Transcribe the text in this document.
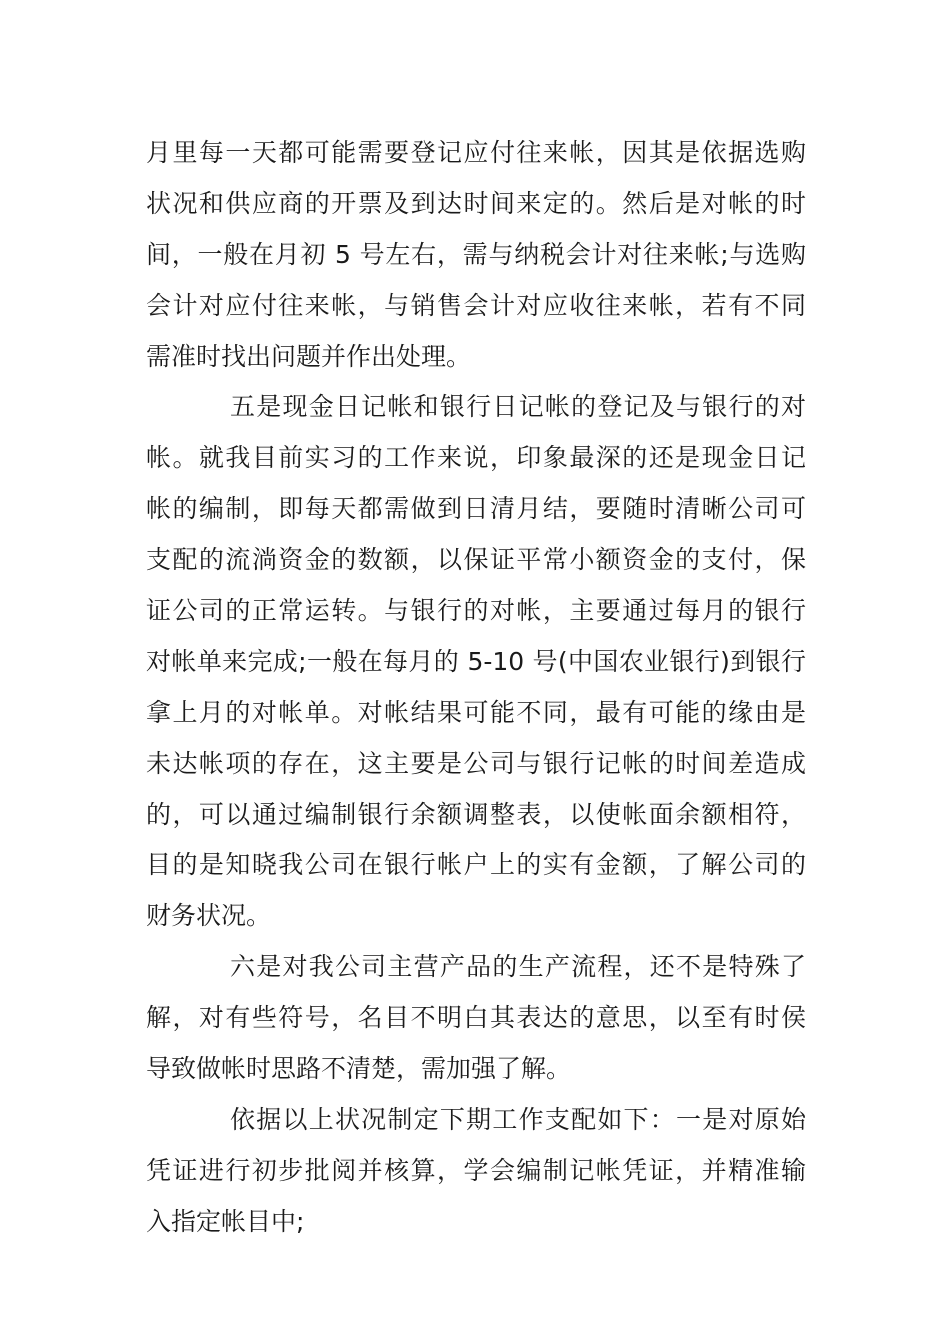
月里每一天都可能需要登记应付往来帐，因其是依据选购
状况和供应商的开票及到达时间来定的。然后是对帐的时
间，一般在月初 5 号左右，需与纳税会计对往来帐;与选购
会计对应付往来帐，与销售会计对应收往来帐，若有不同
需准时找出问题并作出处理。
五是现金日记帐和银行日记帐的登记及与银行的对
帐。就我目前实习的工作来说，印象最深的还是现金日记
帐的编制，即每天都需做到日清月结，要随时清晰公司可
支配的流淌资金的数额，以保证平常小额资金的支付，保
证公司的正常运转。与银行的对帐，主要通过每月的银行
对帐单来完成;一般在每月的 5-10 号(中国农业银行)到银行
拿上月的对帐单。对帐结果可能不同，最有可能的缘由是
未达帐项的存在，这主要是公司与银行记帐的时间差造成
的，可以通过编制银行余额调整表，以使帐面余额相符，
目的是知晓我公司在银行帐户上的实有金额，了解公司的
财务状况。
六是对我公司主营产品的生产流程，还不是特殊了
解，对有些符号，名目不明白其表达的意思，以至有时侯
导致做帐时思路不清楚，需加强了解。
依据以上状况制定下期工作支配如下：一是对原始
凭证进行初步批阅并核算，学会编制记帐凭证，并精准输
入指定帐目中;
